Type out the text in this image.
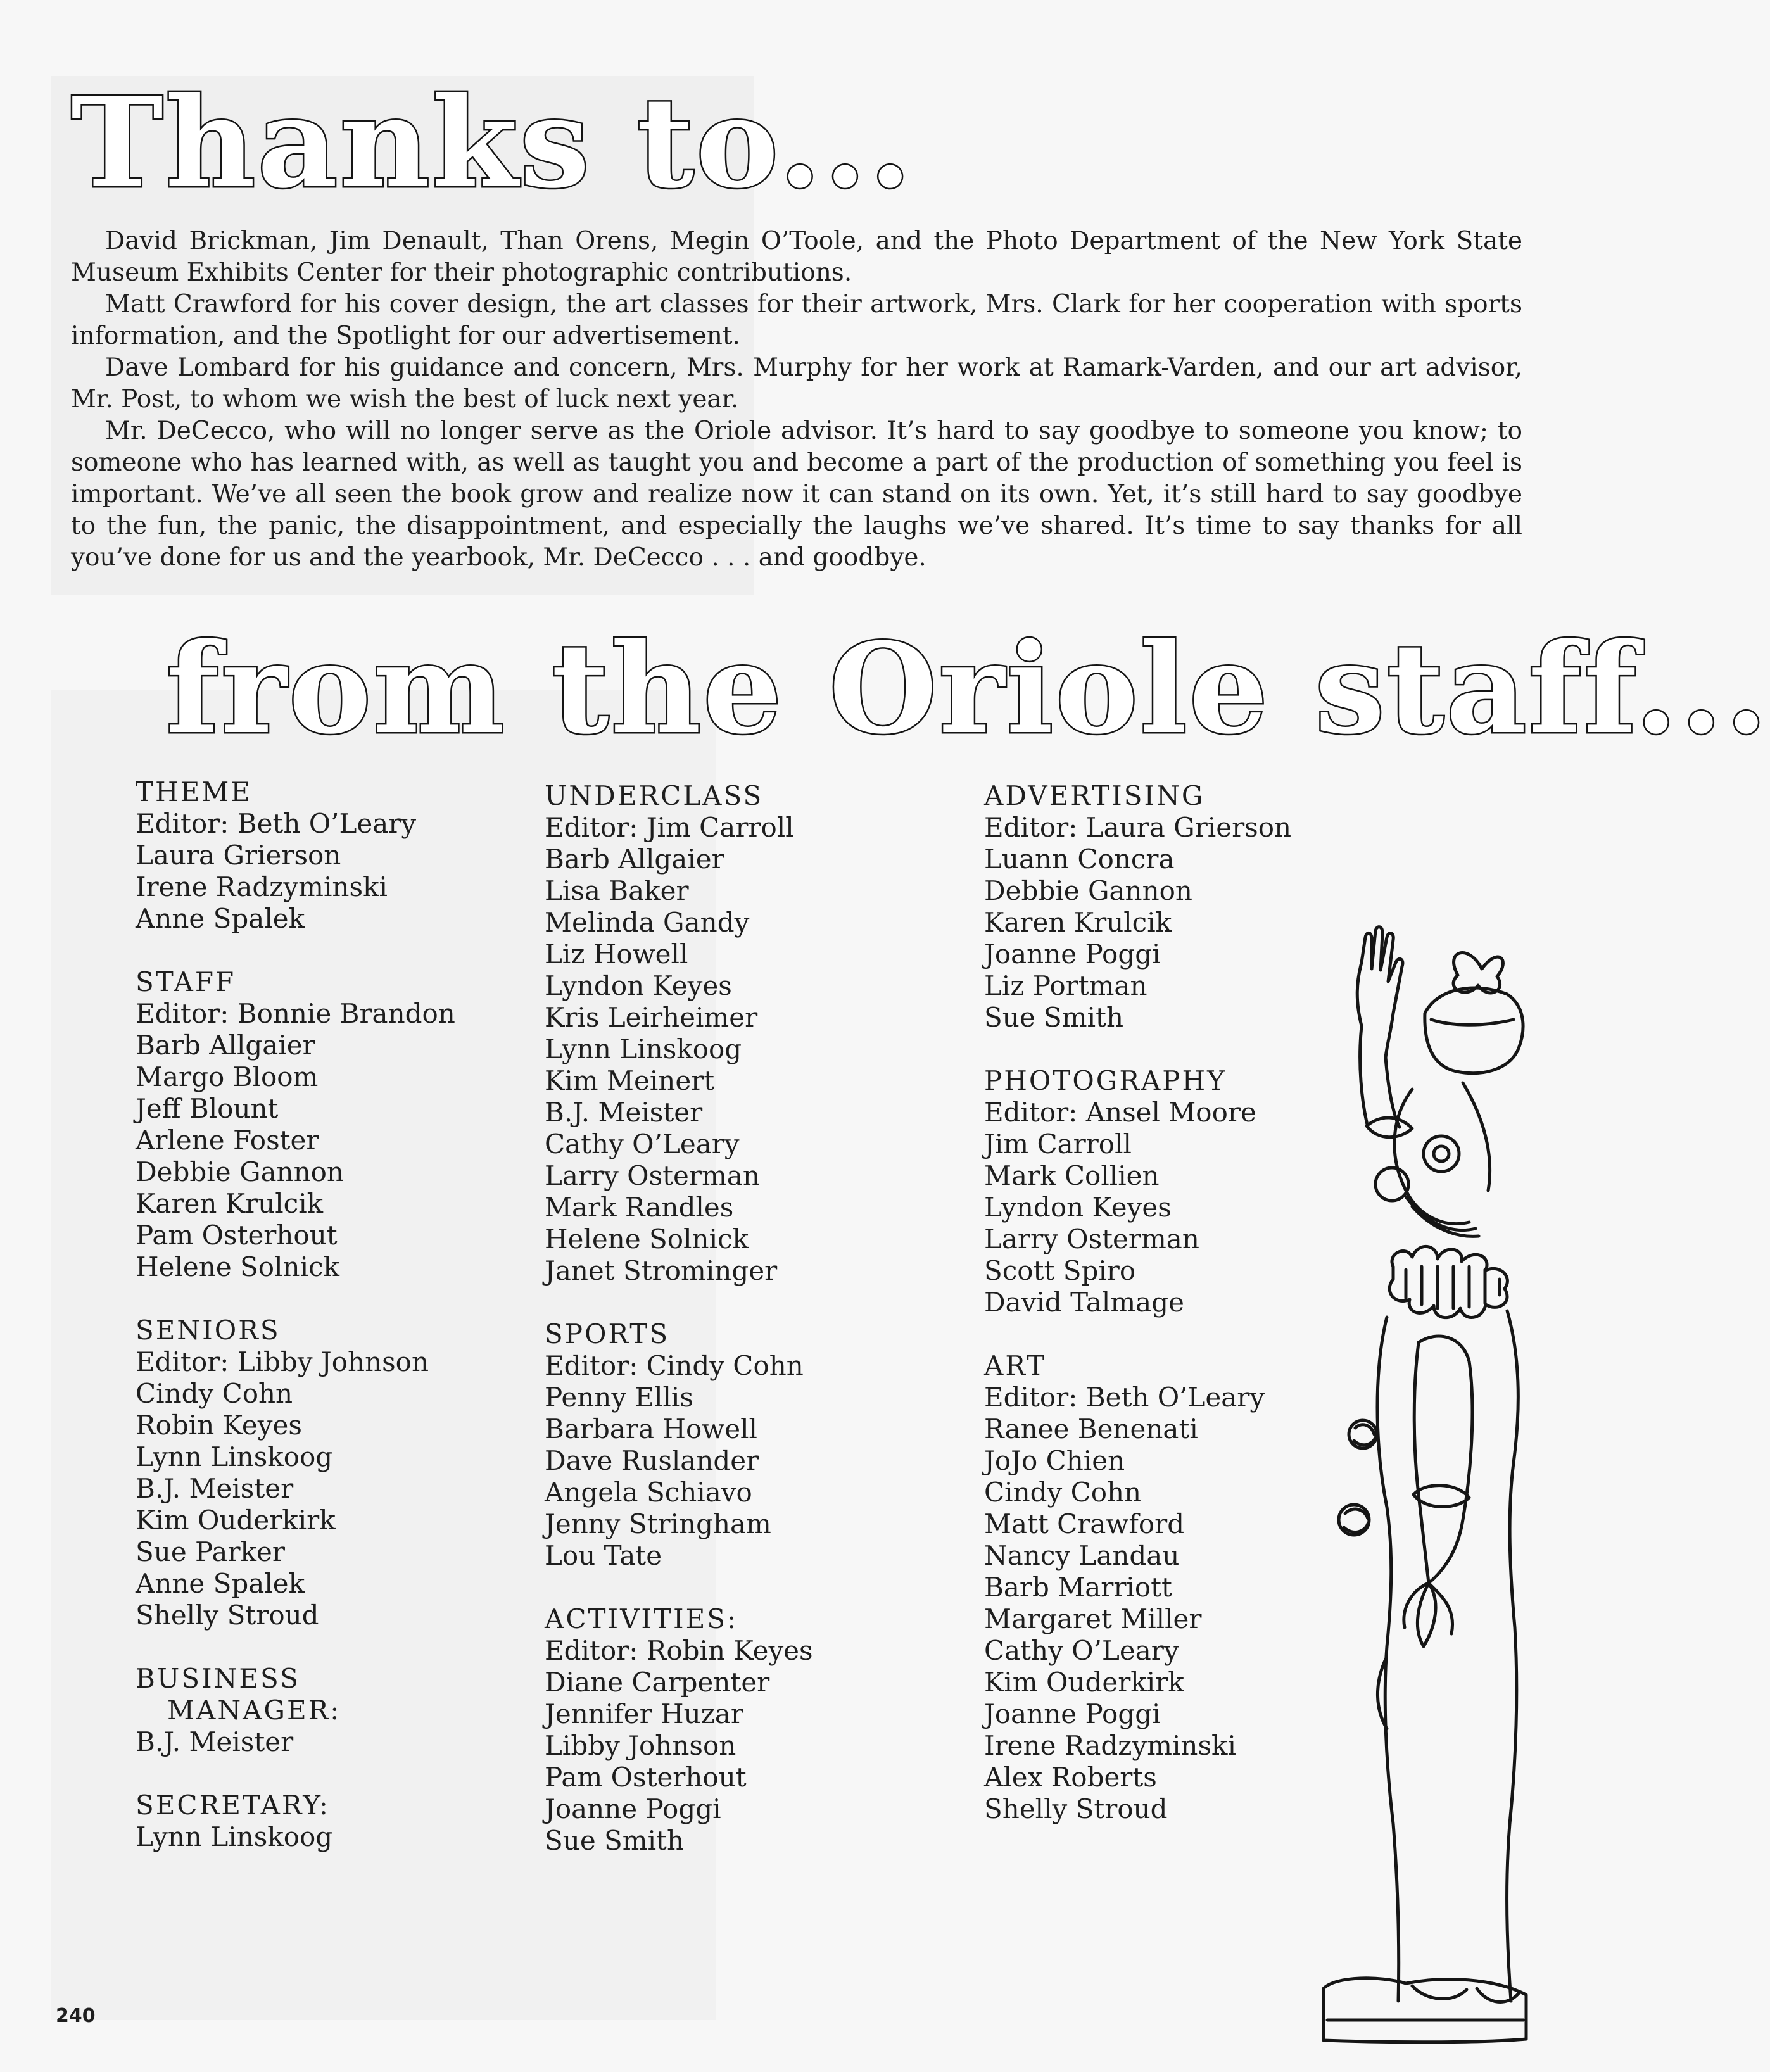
Thanks to...

David Brickman, Jim Denault, Than Orens, Megin O’Toole, and the Photo Department of the New York State Museum Exhibits Center for their photographic contributions.

Matt Crawford for his cover design, the art classes for their artwork, Mrs. Clark for her cooperation with sports information, and the Spotlight for our advertisement.

Dave Lombard for his guidance and concern, Mrs. Murphy for her work at Ramark-Varden, and our art advisor, Mr. Post, to whom we wish the best of luck next year.

Mr. DeCecco, who will no longer serve as the Oriole advisor. It’s hard to say goodbye to someone you know; to someone who has learned with, as well as taught you and become a part of the production of something you feel is important. We’ve all seen the book grow and realize now it can stand on its own. Yet, it’s still hard to say goodbye to the fun, the panic, the disappointment, and especially the laughs we’ve shared. It’s time to say thanks for all you’ve done for us and the yearbook, Mr. DeCecco . . . and goodbye.

from the Oriole staff...
THEME
Editor: Beth O’Leary
Laura Grierson
Irene Radzyminski
Anne Spalek
STAFF
Editor: Bonnie Brandon
Barb Allgaier
Margo Bloom
Jeff Blount
Arlene Foster
Debbie Gannon
Karen Krulcik
Pam Osterhout
Helene Solnick
SENIORS
Editor: Libby Johnson
Cindy Cohn
Robin Keyes
Lynn Linskoog
B.J. Meister
Kim Ouderkirk
Sue Parker
Anne Spalek
Shelly Stroud
BUSINESS
MANAGER:
B.J. Meister
SECRETARY:
Lynn Linskoog
UNDERCLASS
Editor: Jim Carroll
Barb Allgaier
Lisa Baker
Melinda Gandy
Liz Howell
Lyndon Keyes
Kris Leirheimer
Lynn Linskoog
Kim Meinert
B.J. Meister
Cathy O’Leary
Larry Osterman
Mark Randles
Helene Solnick
Janet Strominger
SPORTS
Editor: Cindy Cohn
Penny Ellis
Barbara Howell
Dave Ruslander
Angela Schiavo
Jenny Stringham
Lou Tate
ACTIVITIES:
Editor: Robin Keyes
Diane Carpenter
Jennifer Huzar
Libby Johnson
Pam Osterhout
Joanne Poggi
Sue Smith
ADVERTISING
Editor: Laura Grierson
Luann Concra
Debbie Gannon
Karen Krulcik
Joanne Poggi
Liz Portman
Sue Smith
PHOTOGRAPHY
Editor: Ansel Moore
Jim Carroll
Mark Collien
Lyndon Keyes
Larry Osterman
Scott Spiro
David Talmage
ART
Editor: Beth O’Leary
Ranee Benenati
JoJo Chien
Cindy Cohn
Matt Crawford
Nancy Landau
Barb Marriott
Margaret Miller
Cathy O’Leary
Kim Ouderkirk
Joanne Poggi
Irene Radzyminski
Alex Roberts
Shelly Stroud
240
